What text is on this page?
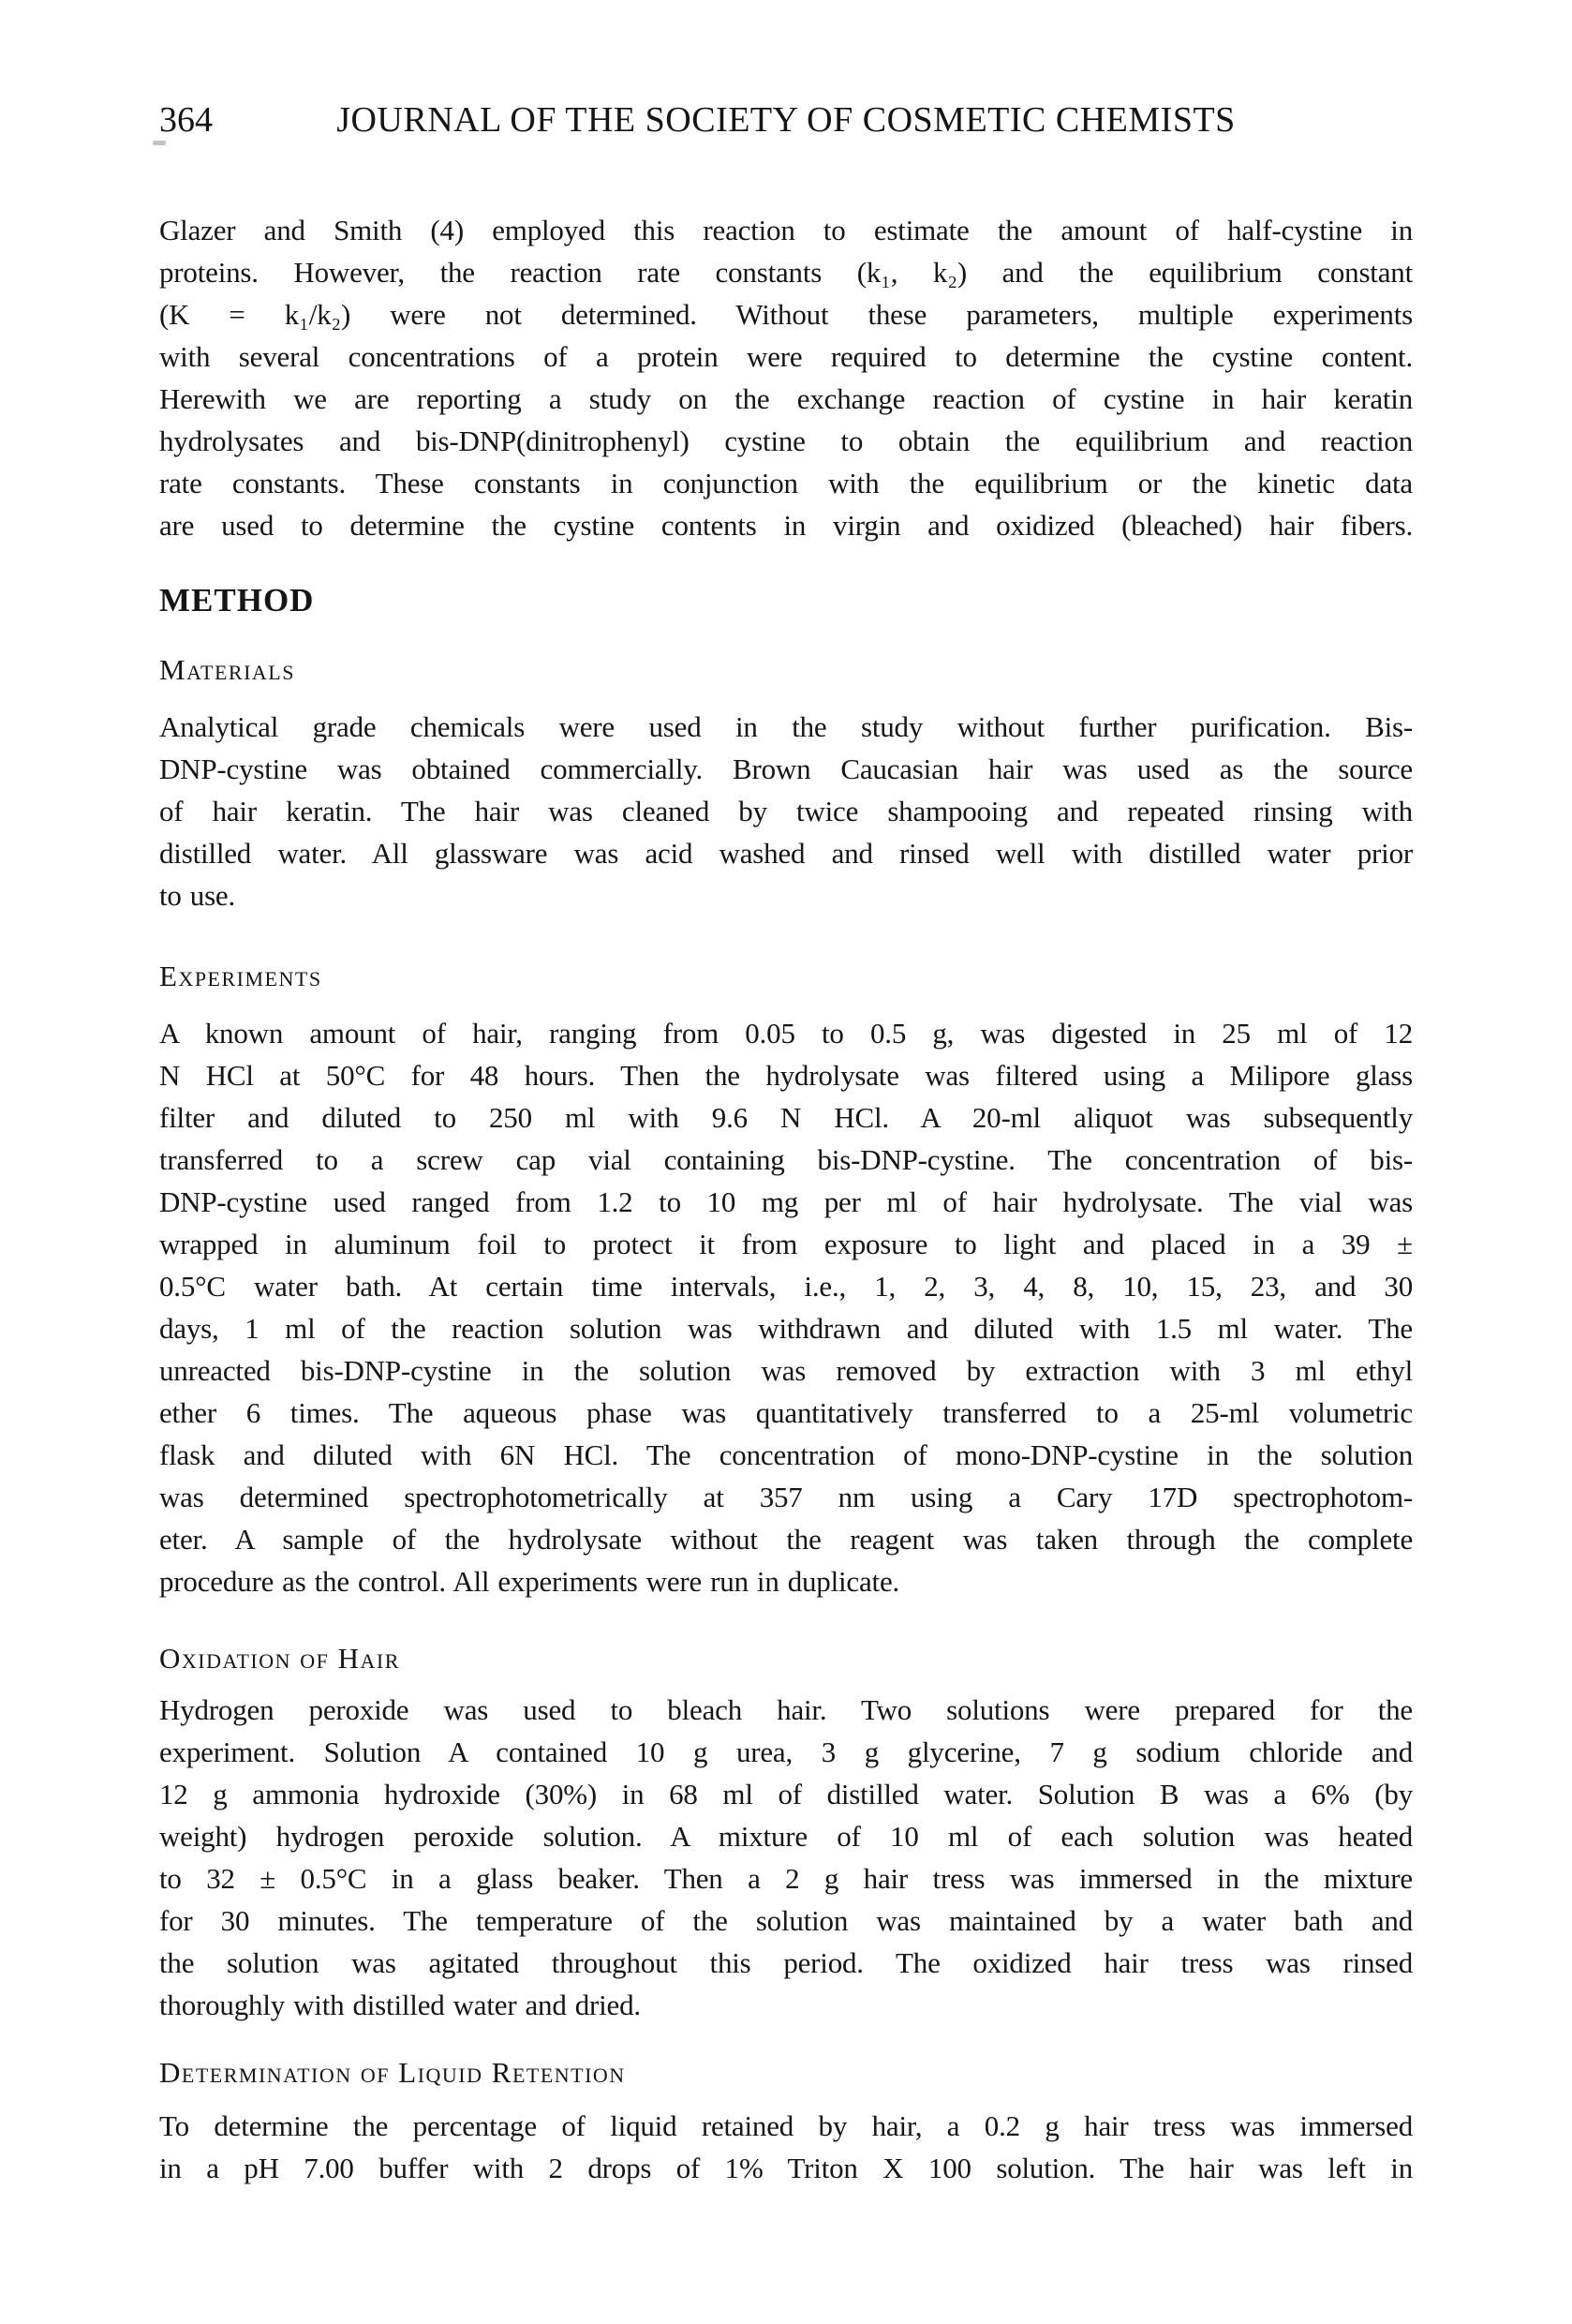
364	JOURNAL OF THE SOCIETY OF COSMETIC CHEMISTS
Glazer and Smith (4) employed this reaction to estimate the amount of half-cystine in
proteins. However, the reaction rate constants (k₁, k₂) and the equilibrium constant
(K = k₁/k₂) were not determined. Without these parameters, multiple experiments
with several concentrations of a protein were required to determine the cystine content.
Herewith we are reporting a study on the exchange reaction of cystine in hair keratin
hydrolysates and bis-DNP(dinitrophenyl) cystine to obtain the equilibrium and reaction
rate constants. These constants in conjunction with the equilibrium or the kinetic data
are used to determine the cystine contents in virgin and oxidized (bleached) hair fibers.
METHOD
Materials
Analytical grade chemicals were used in the study without further purification. Bis-
DNP-cystine was obtained commercially. Brown Caucasian hair was used as the source
of hair keratin. The hair was cleaned by twice shampooing and repeated rinsing with
distilled water. All glassware was acid washed and rinsed well with distilled water prior
to use.
Experiments
A known amount of hair, ranging from 0.05 to 0.5 g, was digested in 25 ml of 12
N HCl at 50°C for 48 hours. Then the hydrolysate was filtered using a Milipore glass
filter and diluted to 250 ml with 9.6 N HCl. A 20-ml aliquot was subsequently
transferred to a screw cap vial containing bis-DNP-cystine. The concentration of bis-
DNP-cystine used ranged from 1.2 to 10 mg per ml of hair hydrolysate. The vial was
wrapped in aluminum foil to protect it from exposure to light and placed in a 39 ±
0.5°C water bath. At certain time intervals, i.e., 1, 2, 3, 4, 8, 10, 15, 23, and 30
days, 1 ml of the reaction solution was withdrawn and diluted with 1.5 ml water. The
unreacted bis-DNP-cystine in the solution was removed by extraction with 3 ml ethyl
ether 6 times. The aqueous phase was quantitatively transferred to a 25-ml volumetric
flask and diluted with 6N HCl. The concentration of mono-DNP-cystine in the solution
was determined spectrophotometrically at 357 nm using a Cary 17D spectrophotom-
eter. A sample of the hydrolysate without the reagent was taken through the complete
procedure as the control. All experiments were run in duplicate.
Oxidation of Hair
Hydrogen peroxide was used to bleach hair. Two solutions were prepared for the
experiment. Solution A contained 10 g urea, 3 g glycerine, 7 g sodium chloride and
12 g ammonia hydroxide (30%) in 68 ml of distilled water. Solution B was a 6% (by
weight) hydrogen peroxide solution. A mixture of 10 ml of each solution was heated
to 32 ± 0.5°C in a glass beaker. Then a 2 g hair tress was immersed in the mixture
for 30 minutes. The temperature of the solution was maintained by a water bath and
the solution was agitated throughout this period. The oxidized hair tress was rinsed
thoroughly with distilled water and dried.
Determination of Liquid Retention
To determine the percentage of liquid retained by hair, a 0.2 g hair tress was immersed
in a pH 7.00 buffer with 2 drops of 1% Triton X 100 solution. The hair was left in
